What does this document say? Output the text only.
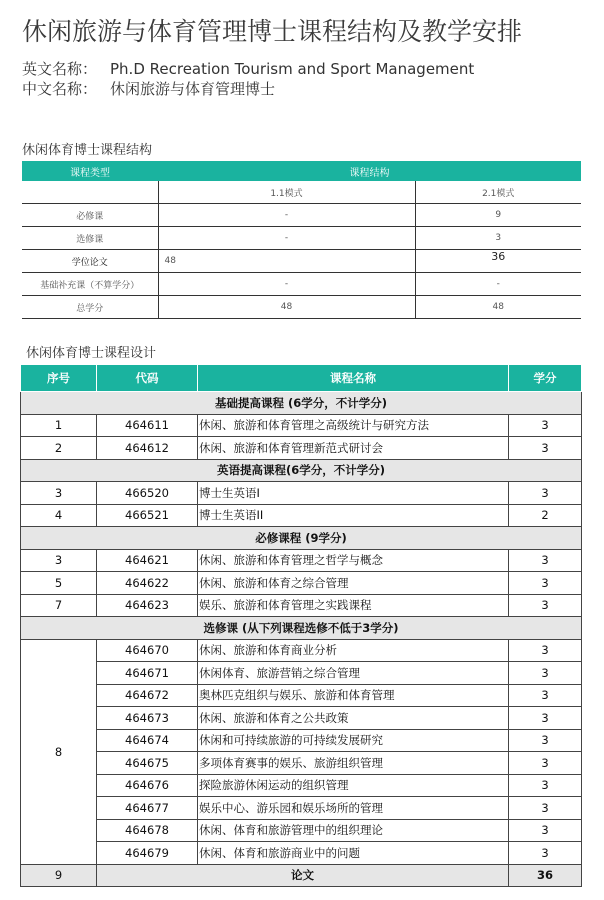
休闲旅游与体育管理博士课程结构及教学安排
英文名称： Ph.D Recreation Tourism and Sport Management
中文名称： 休闲旅游与体育管理博士
休闲体育博士课程结构
课程类型	课程结构	
	1.1模式	2.1模式
必修课	-	9
选修课	-	3
学位论文	48	36
基础补充课（不算学分）	-	-
总学分	48	48
休闲体育博士课程设计
序号	代码	课程名称	学分
基础提高课程 (6学分，不计学分)			
1	464611	休闲、旅游和体育管理之高级统计与研究方法	3
2	464612	休闲、旅游和体育管理新范式研讨会	3
英语提高课程(6学分，不计学分)			
3	466520	博士生英语I	3
4	466521	博士生英语II	2
必修课程 (9学分)			
3	464621	休闲、旅游和体育管理之哲学与概念	3
5	464622	休闲、旅游和体育之综合管理	3
7	464623	娱乐、旅游和体育管理之实践课程	3
选修课 (从下列课程选修不低于3学分)			
8	464670	休闲、旅游和体育商业分析	3
	464671	休闲体育、旅游营销之综合管理	3
	464672	奥林匹克组织与娱乐、旅游和体育管理	3
	464673	休闲、旅游和体育之公共政策	3
	464674	休闲和可持续旅游的可持续发展研究	3
	464675	多项体育赛事的娱乐、旅游组织管理	3
	464676	探险旅游休闲运动的组织管理	3
	464677	娱乐中心、游乐园和娱乐场所的管理	3
	464678	休闲、体育和旅游管理中的组织理论	3
	464679	休闲、体育和旅游商业中的问题	3
9	论文		36
